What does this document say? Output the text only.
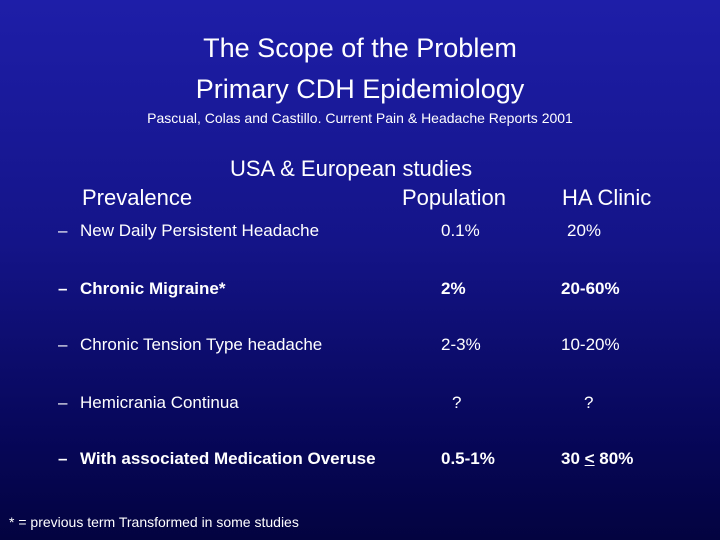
The Scope of the Problem
Primary CDH Epidemiology
Pascual, Colas and Castillo. Current Pain & Headache Reports 2001
USA & European studies
Prevalence	Population	HA Clinic
– New Daily Persistent Headache	0.1%	20%
– Chronic Migraine*	2%	20-60%
– Chronic Tension Type headache	2-3%	10-20%
– Hemicrania Continua	?	?
– With associated Medication Overuse	0.5-1%	30 < 80%
* = previous term Transformed in some studies
